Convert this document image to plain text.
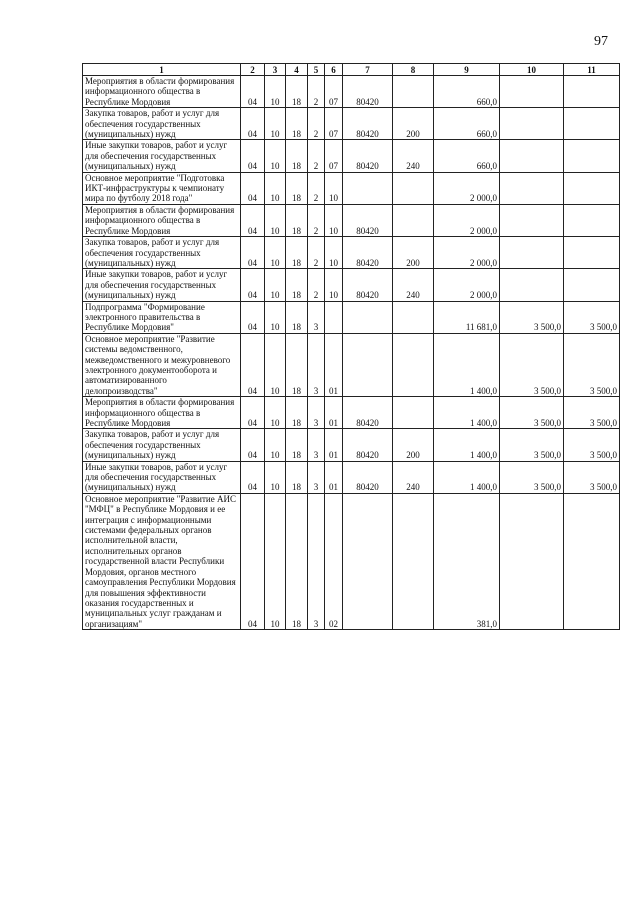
97
1	2	3	4	5	6	7	8	9	10	11
Мероприятия в области формирования информационного общества в Республике Мордовия	04	10	18	2	07	80420		660,0		
Закупка товаров, работ и услуг для обеспечения государственных (муниципальных) нужд	04	10	18	2	07	80420	200	660,0		
Иные закупки товаров, работ и услуг для обеспечения государственных (муниципальных) нужд	04	10	18	2	07	80420	240	660,0		
Основное мероприятие "Подготовка ИКТ-инфраструктуры к чемпионату мира по футболу 2018 года"	04	10	18	2	10			2 000,0		
Мероприятия в области формирования информационного общества в Республике Мордовия	04	10	18	2	10	80420		2 000,0		
Закупка товаров, работ и услуг для обеспечения государственных (муниципальных) нужд	04	10	18	2	10	80420	200	2 000,0		
Иные закупки товаров, работ и услуг для обеспечения государственных (муниципальных) нужд	04	10	18	2	10	80420	240	2 000,0		
Подпрограмма "Формирование электронного правительства в Республике Мордовия"	04	10	18	3				11 681,0	3 500,0	3 500,0
Основное мероприятие "Развитие системы ведомственного, межведомственного и межуровневого электронного документооборота и автоматизированного делопроизводства"	04	10	18	3	01			1 400,0	3 500,0	3 500,0
Мероприятия в области формирования информационного общества в Республике Мордовия	04	10	18	3	01	80420		1 400,0	3 500,0	3 500,0
Закупка товаров, работ и услуг для обеспечения государственных (муниципальных) нужд	04	10	18	3	01	80420	200	1 400,0	3 500,0	3 500,0
Иные закупки товаров, работ и услуг для обеспечения государственных (муниципальных) нужд	04	10	18	3	01	80420	240	1 400,0	3 500,0	3 500,0
Основное мероприятие "Развитие АИС "МФЦ" в Республике Мордовия и ее интеграция с информационными системами федеральных органов исполнительной власти, исполнительных органов государственной власти Республики Мордовия, органов местного самоуправления Республики Мордовия для повышения эффективности оказания государственных и муниципальных услуг гражданам и организациям"	04	10	18	3	02			381,0		
